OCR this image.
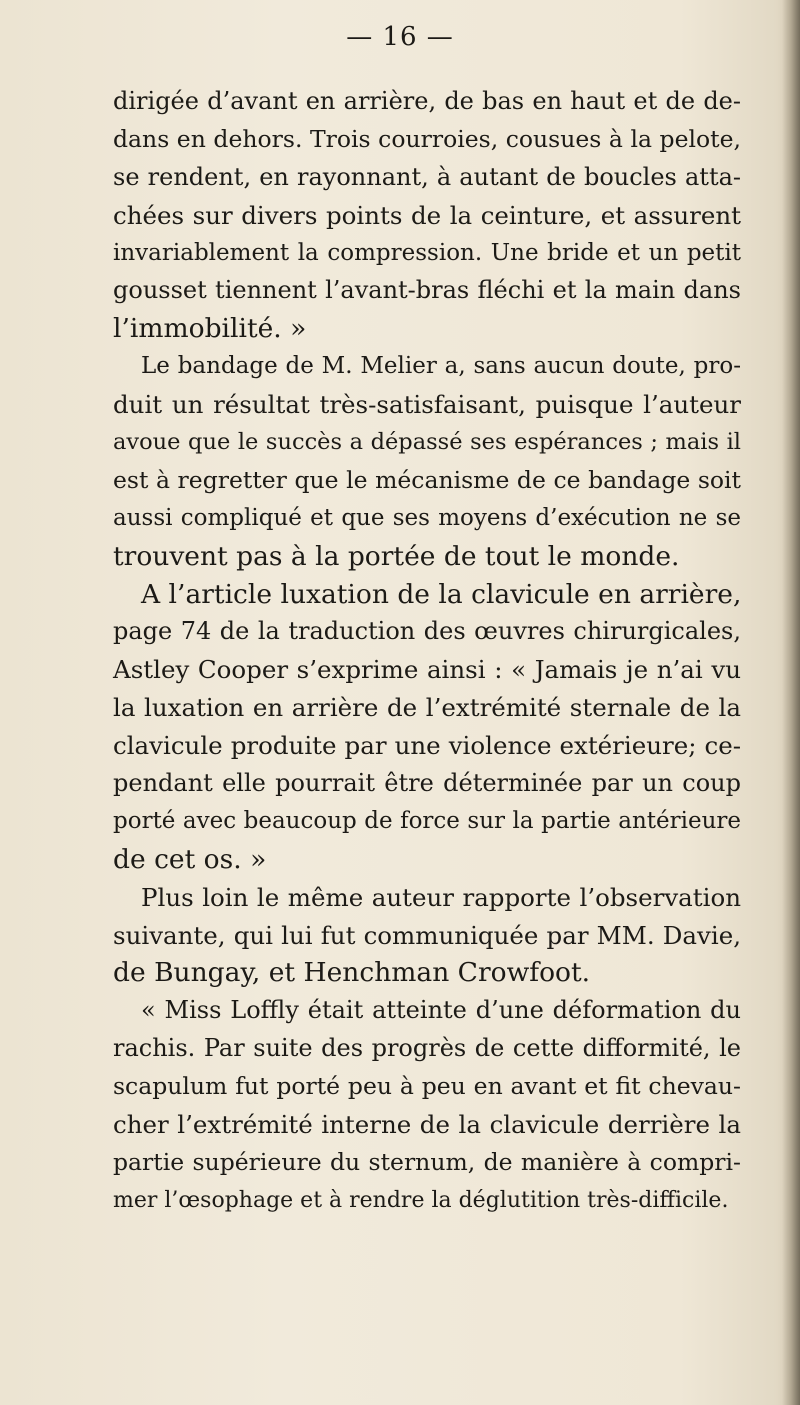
— 16 —
dirigée d’avant en arrière, de bas en haut et de de-
dans en dehors. Trois courroies, cousues à la pelote,
se rendent, en rayonnant, à autant de boucles atta-
chées sur divers points de la ceinture, et assurent
invariablement la compression. Une bride et un petit
gousset tiennent l’avant-bras fléchi et la main dans
l’immobilité. »
Le bandage de M. Melier a, sans aucun doute, pro-
duit un résultat très-satisfaisant, puisque l’auteur
avoue que le succès a dépassé ses espérances ; mais il
est à regretter que le mécanisme de ce bandage soit
aussi compliqué et que ses moyens d’exécution ne se
trouvent pas à la portée de tout le monde.
A l’article luxation de la clavicule en arrière,
page 74 de la traduction des œuvres chirurgicales,
Astley Cooper s’exprime ainsi : « Jamais je n’ai vu
la luxation en arrière de l’extrémité sternale de la
clavicule produite par une violence extérieure; ce-
pendant elle pourrait être déterminée par un coup
porté avec beaucoup de force sur la partie antérieure
de cet os. »
Plus loin le même auteur rapporte l’observation
suivante, qui lui fut communiquée par MM. Davie,
de Bungay, et Henchman Crowfoot.
« Miss Loffly était atteinte d’une déformation du
rachis. Par suite des progrès de cette difformité, le
scapulum fut porté peu à peu en avant et fit chevau-
cher l’extrémité interne de la clavicule derrière la
partie supérieure du sternum, de manière à compri-
mer l’œsophage et à rendre la déglutition très-difficile.
